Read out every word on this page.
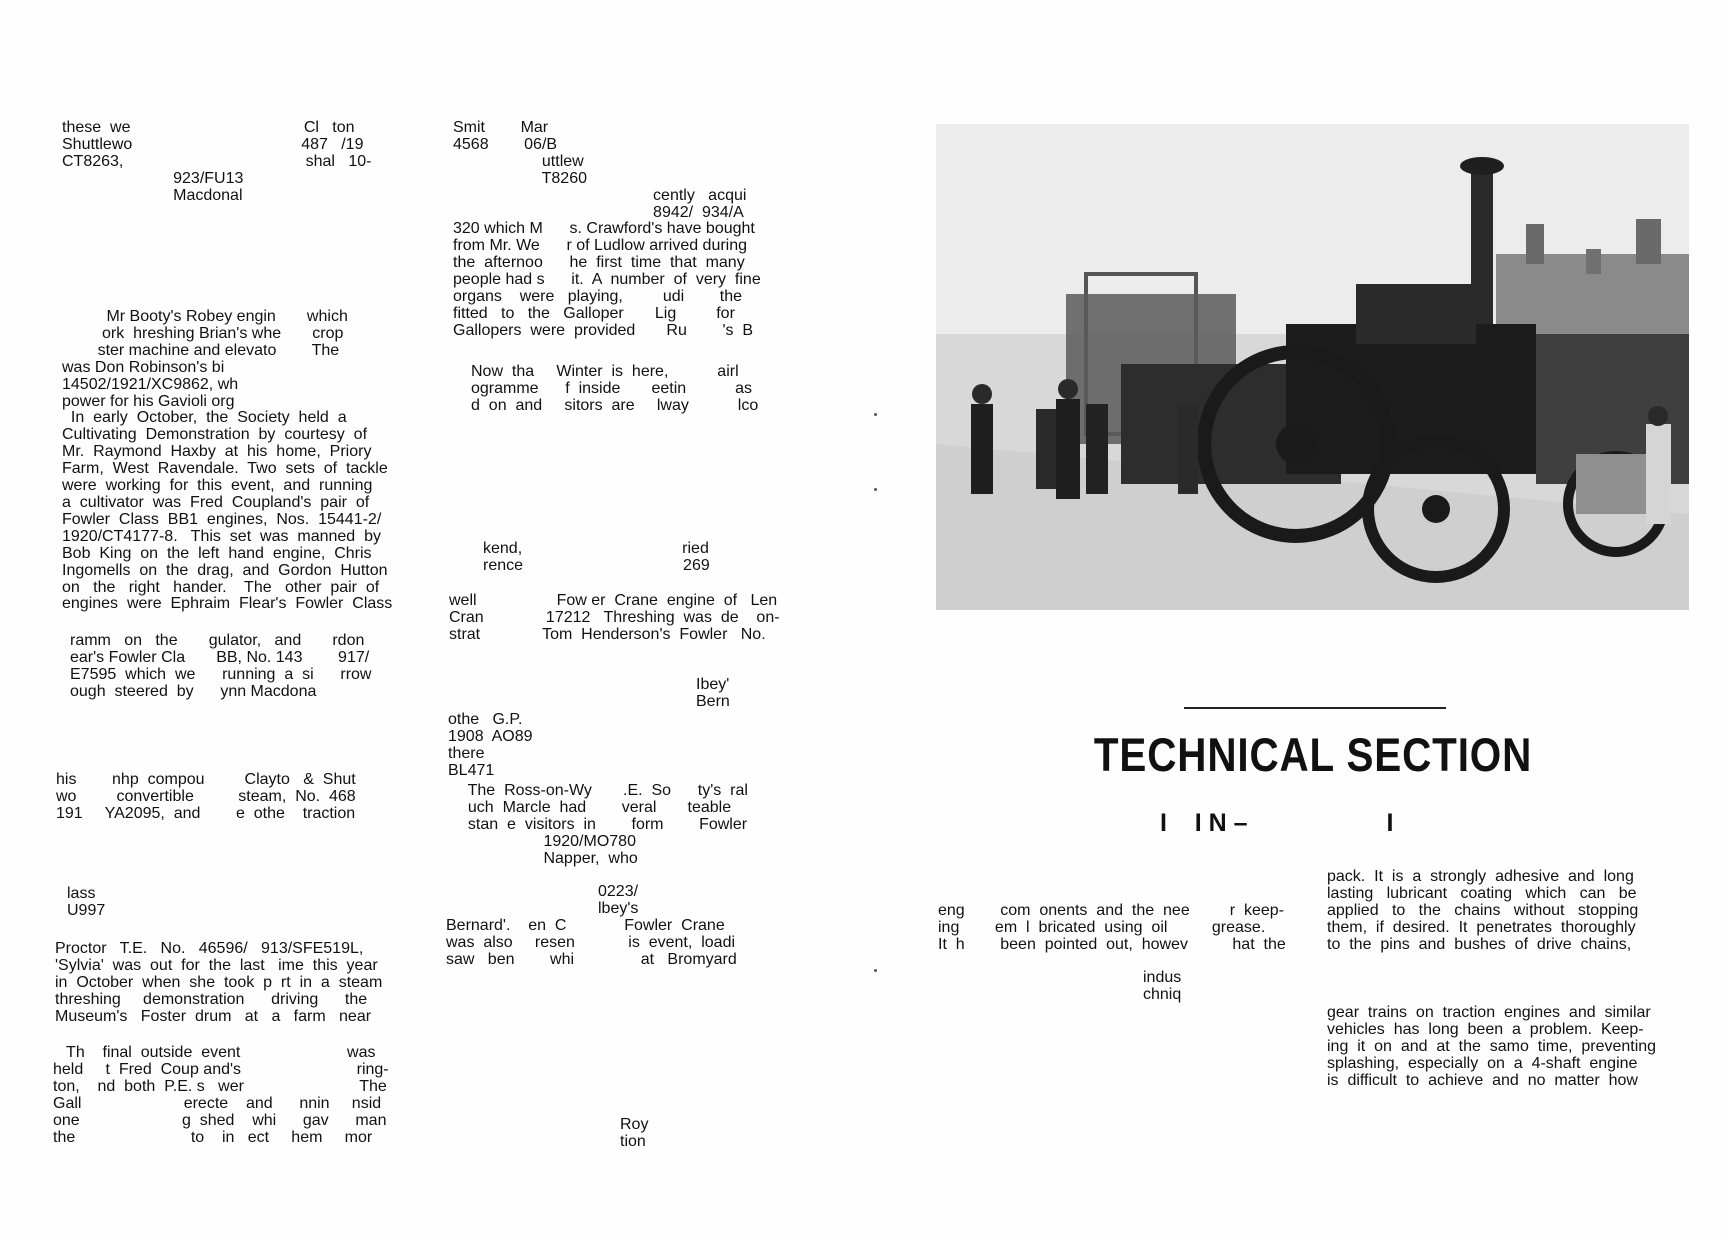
these  we                                       Cl   ton
Shuttlewo                                      487   /19
CT8263,                                         shal   10-
923/FU13
Macdonal
Mr Booty's Robey engin       which
ork  hreshing Brian's whe       crop
ster machine and elevato        The
was Don Robinson's bi
14502/1921/XC9862, wh
power for his Gavioli org
In  early  October,  the  Society  held  a
Cultivating  Demonstration  by  courtesy  of
Mr.  Raymond  Haxby  at  his  home,  Priory
Farm,  West  Ravendale.  Two  sets  of  tackle
were  working  for  this  event,  and  running
a  cultivator  was  Fred  Coupland's  pair  of
Fowler  Class  BB1  engines,  Nos.  15441-2/
1920/CT4177-8.   This  set  was  manned  by
Bob  King  on  the  left  hand  engine,  Chris
Ingomells  on  the  drag,  and  Gordon  Hutton
on   the   right   hander.    The   other  pair  of
engines  were  Ephraim  Flear's  Fowler  Class
ramm   on   the       gulator,   and       rdon
ear's Fowler Cla       BB, No. 143        917/
E7595  which  we      running  a  si      rrow
ough  steered  by      ynn Macdona
his        nhp  compou         Clayto   &  Shut
wo         convertible          steam,  No.  468
191     YA2095,  and        e  othe    traction
lass
U997
Proctor   T.E.   No.   46596/   913/SFE519L,
'Sylvia'  was  out  for  the  last   ime  this  year
in  October  when  she  took  p  rt  in  a  steam
threshing     demonstration      driving      the
Museum's   Foster  drum   at   a   farm   near
Th    final  outside  event                        was
held     t  Fred  Coup and's                          ring-
ton,    nd  both  P.E. s   wer                          The
Gall                       erecte    and      nnin     nsid
one                       g  shed    whi      gav      man
the                          to    in   ect     hem     mor
Smit        Mar
4568        06/B
uttlew
T8260
cently   acqui
8942/  934/A
320 which M      s. Crawford's have bought
from Mr. We      r of Ludlow arrived during
the  afternoo      he  first  time  that  many
people had s      it.  A  number  of  very  fine
organs    were   playing,         udi        the
fitted   to   the   Galloper       Lig         for
Gallopers  were  provided       Ru        's  B
Now  tha     Winter  is  here,           airl
ogramme      f  inside       eetin           as
d  on  and     sitors  are     lway           lco
kend,                                    ried
rence                                    269
well                  Fow er  Crane  engine  of   Len
Cran              17212   Threshing  was  de    on-
strat              Tom  Henderson's  Fowler   No.
Ibey'
Bern
othe   G.P.
1908  AO89
there
BL471
The  Ross-on-Wy       .E.  So      ty's  ral
uch  Marcle  had        veral       teable
stan  e  visitors  in        form        Fowler
1920/MO780
Napper,  who
0223/
lbey's
Bernard'.    en  C             Fowler  Crane
was  also     resen            is  event,  loadi
saw   ben        whi               at   Bromyard
Roy
tion
TECHNICAL SECTION
I    I N –                    I
pack.  It  is  a  strongly  adhesive  and  long
lasting   lubricant   coating   which   can   be
applied   to   the   chains   without   stopping
them,  if  desired.  It  penetrates  thoroughly
to  the  pins  and  bushes  of  drive  chains,
eng        com  onents  and  the  nee         r  keep-
ing        em  l  bricated  using  oil          grease.
It  h        been  pointed  out,  howev          hat  the
indus
chniq
gear  trains  on  traction  engines  and  similar
vehicles  has  long  been  a  problem.  Keep-
ing  it  on  and  at  the  samo  time,  preventing
splashing,  especially  on  a  4-shaft  engine
is  difficult  to  achieve  and  no  matter  how
